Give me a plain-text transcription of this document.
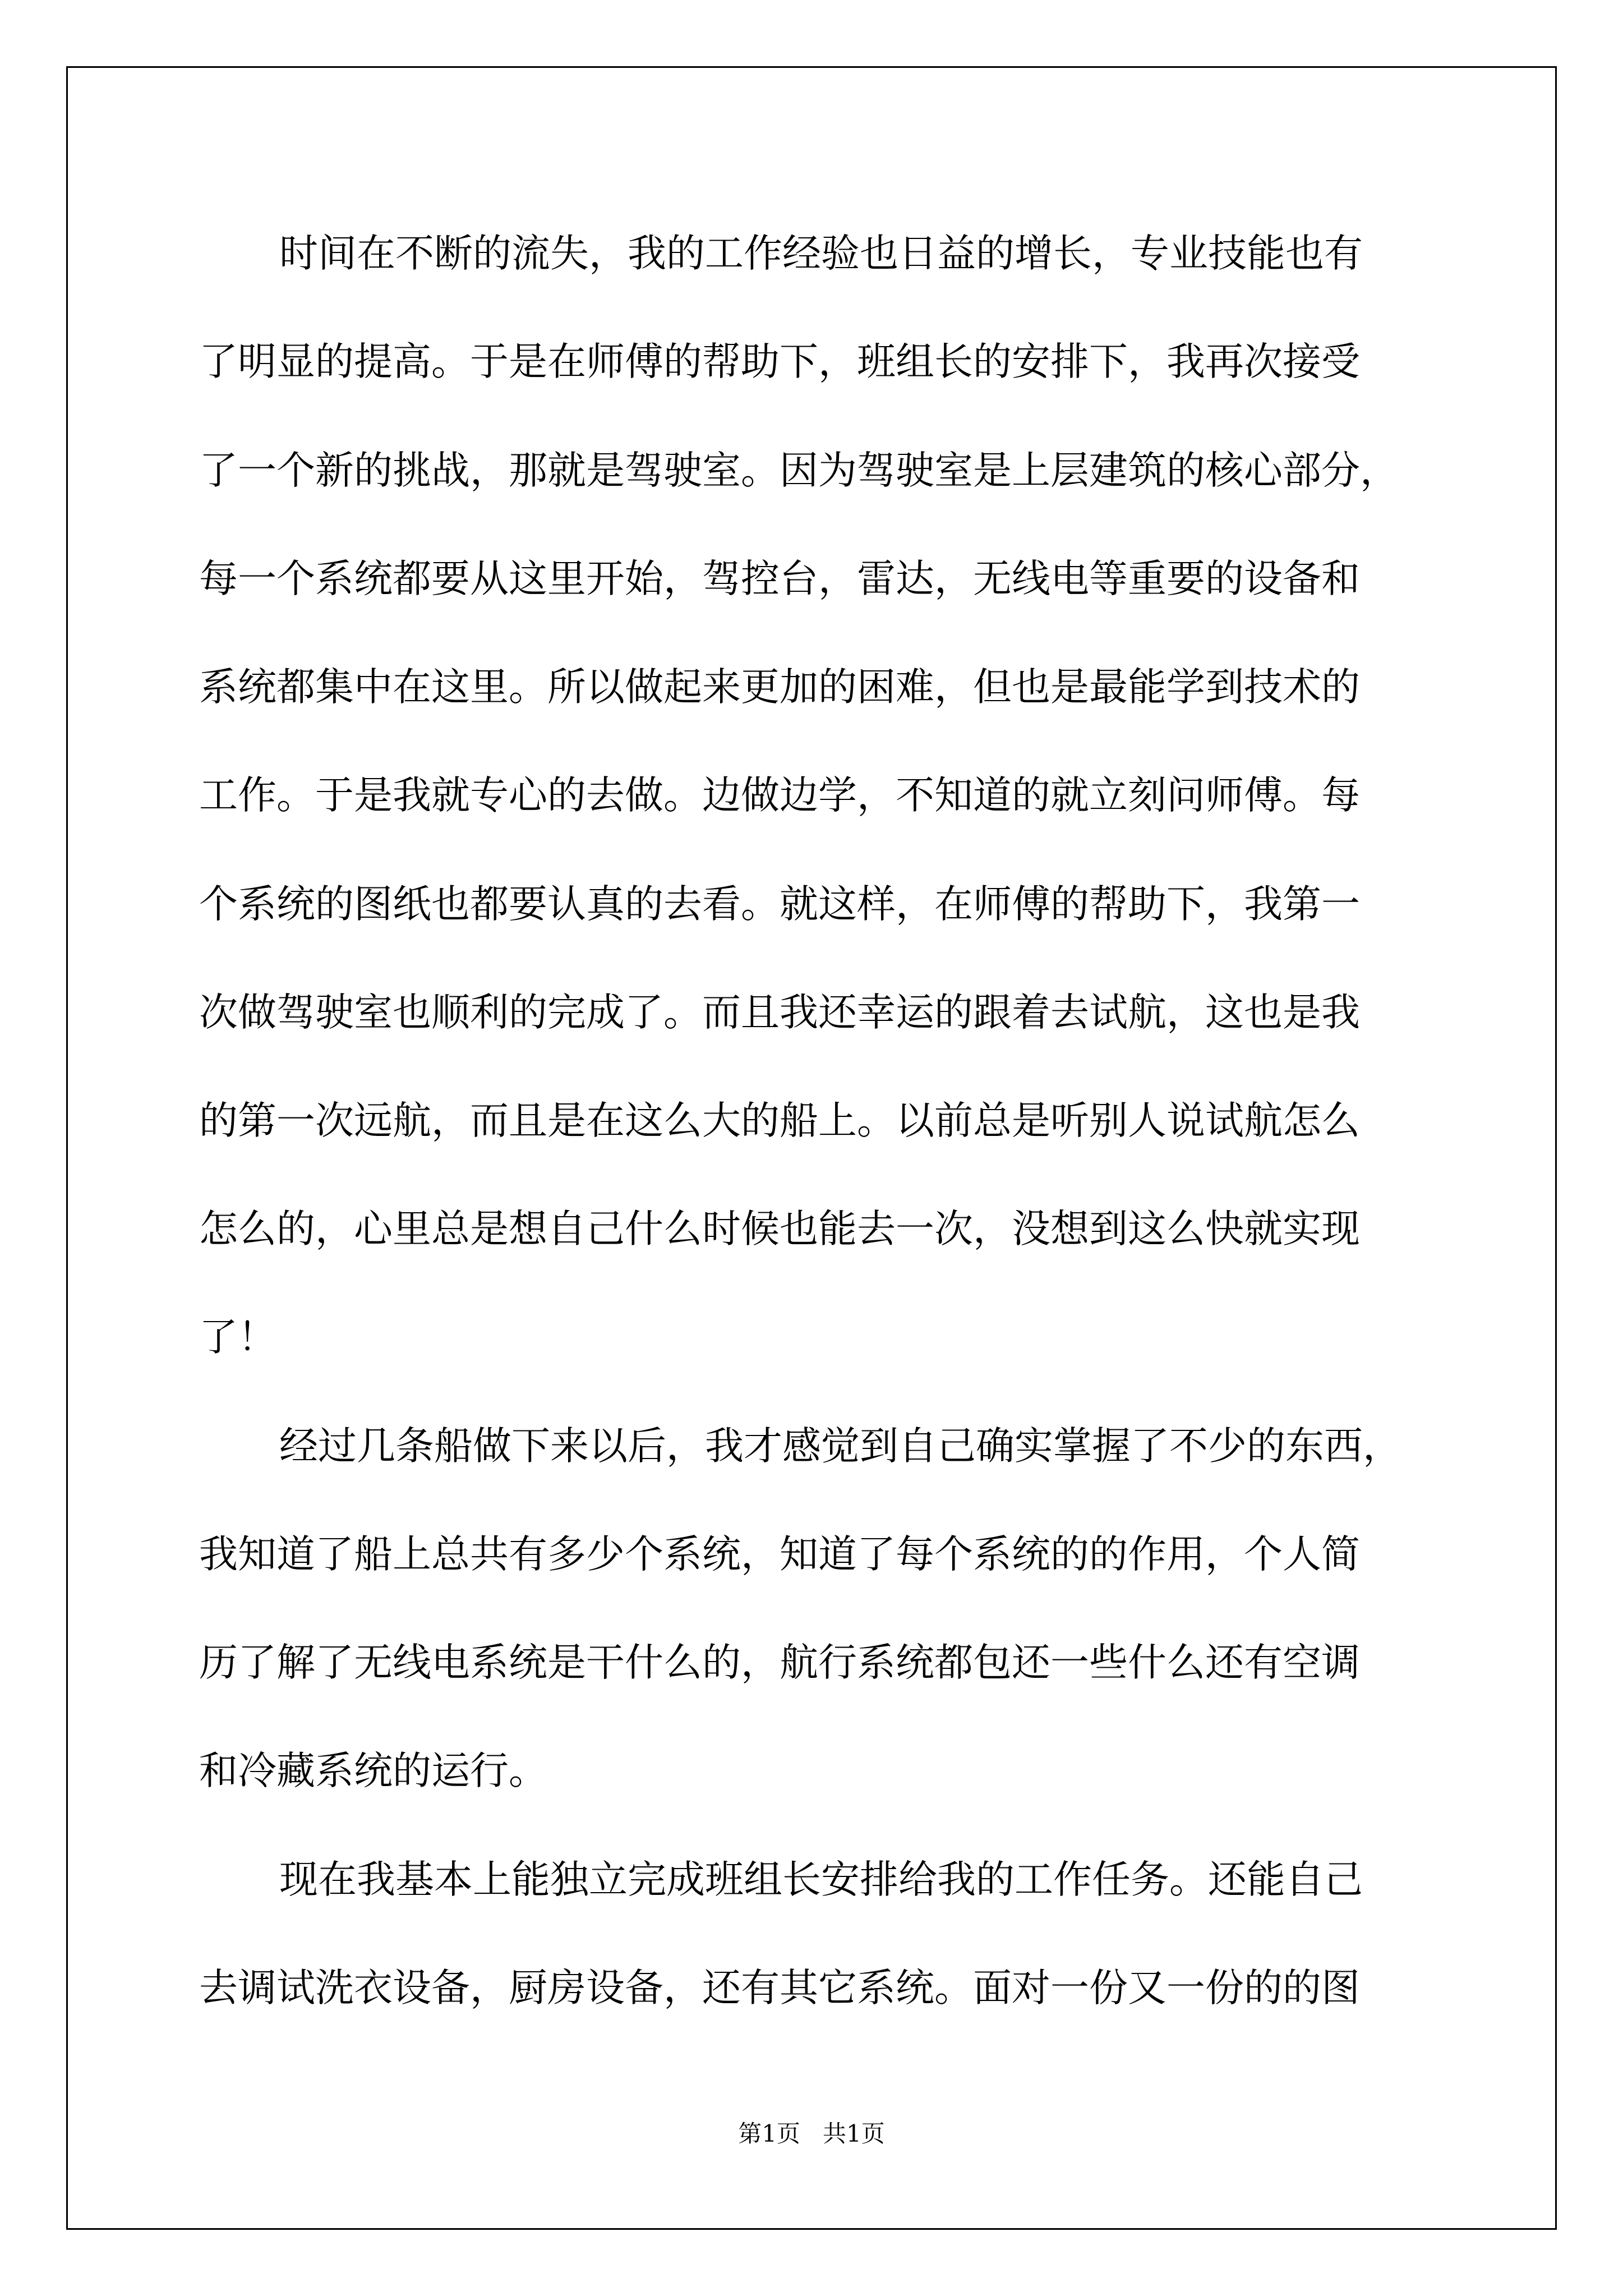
时间在不断的流失，我的工作经验也日益的增长，专业技能也有
了明显的提高。于是在师傅的帮助下，班组长的安排下，我再次接受
了一个新的挑战，那就是驾驶室。因为驾驶室是上层建筑的核心部分，
每一个系统都要从这里开始，驾控台，雷达，无线电等重要的设备和
系统都集中在这里。所以做起来更加的困难，但也是最能学到技术的
工作。于是我就专心的去做。边做边学，不知道的就立刻问师傅。每
个系统的图纸也都要认真的去看。就这样，在师傅的帮助下，我第一
次做驾驶室也顺利的完成了。而且我还幸运的跟着去试航，这也是我
的第一次远航，而且是在这么大的船上。以前总是听别人说试航怎么
怎么的，心里总是想自己什么时候也能去一次，没想到这么快就实现
了！
经过几条船做下来以后，我才感觉到自己确实掌握了不少的东西，
我知道了船上总共有多少个系统，知道了每个系统的的作用，个人简
历了解了无线电系统是干什么的，航行系统都包还一些什么还有空调
和冷藏系统的运行。
现在我基本上能独立完成班组长安排给我的工作任务。还能自己
去调试洗衣设备，厨房设备，还有其它系统。面对一份又一份的的图
第1页   共1页
